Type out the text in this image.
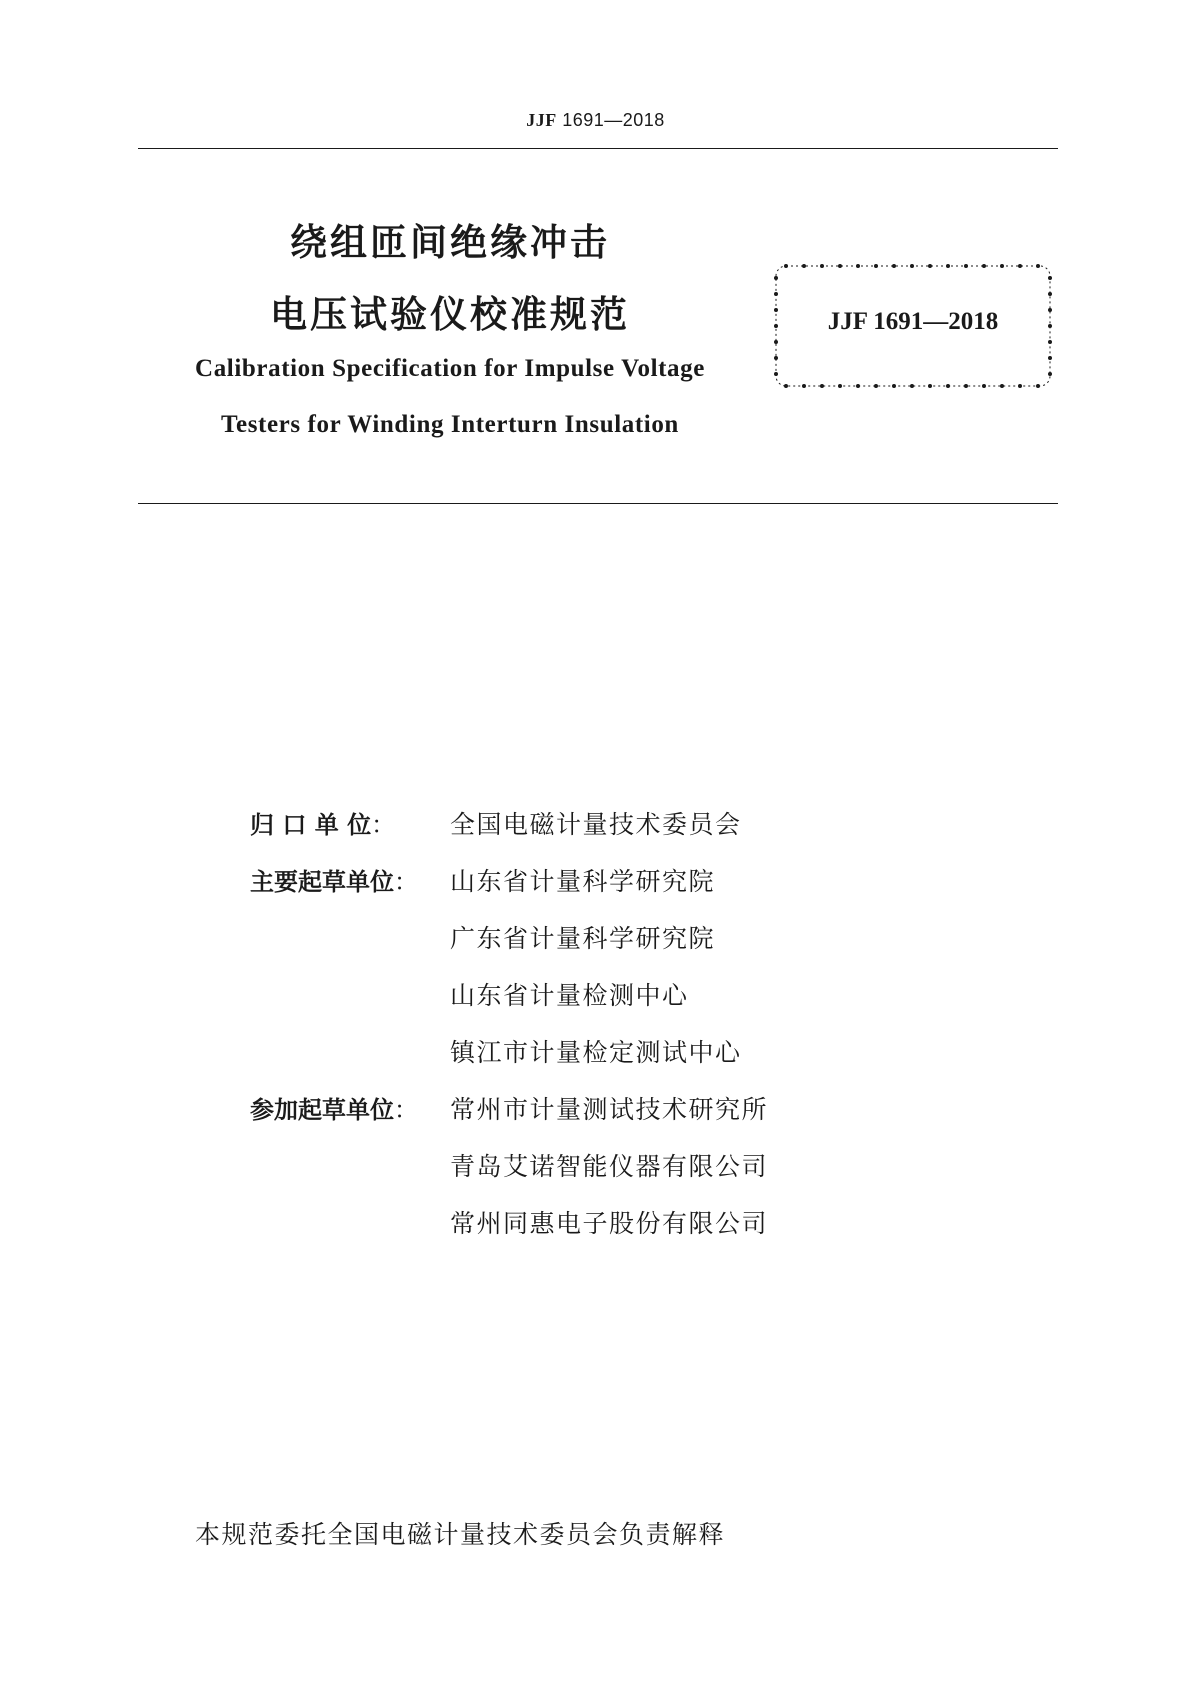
JJF 1691—2018
绕组匝间绝缘冲击
电压试验仪校准规范
Calibration Specification for Impulse Voltage
Testers for Winding Interturn Insulation
JJF 1691—2018
归 口 单 位：	全国电磁计量技术委员会
主要起草单位：	山东省计量科学研究院
广东省计量科学研究院
山东省计量检测中心
镇江市计量检定测试中心
参加起草单位：	常州市计量测试技术研究所
青岛艾诺智能仪器有限公司
常州同惠电子股份有限公司
本规范委托全国电磁计量技术委员会负责解释
